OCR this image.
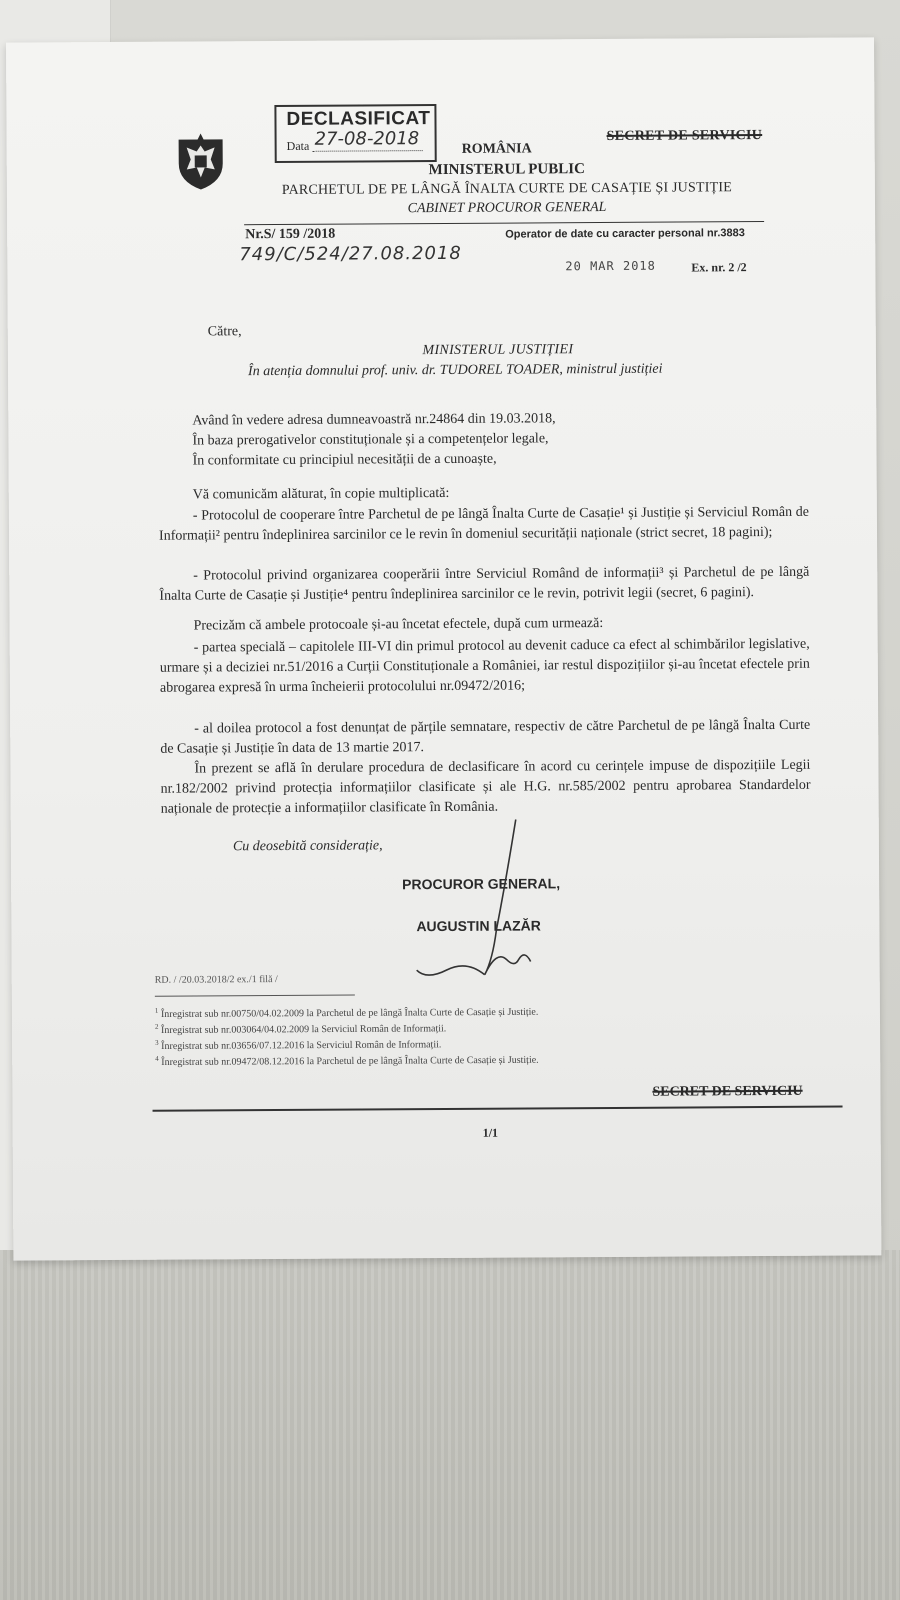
DECLASIFICAT
Data 27-08-2018	SECRET DE SERVICIU
ROMÂNIA
MINISTERUL PUBLIC
PARCHETUL DE PE LÂNGĂ ÎNALTA CURTE DE CASAȚIE ȘI JUSTIȚIE
CABINET PROCUROR GENERAL
Nr.S/ 159 /2018	Operator de date cu caracter personal nr.3883
749/C/524/27.08.2018
20 MAR 2018	Ex. nr. 2 /2
Către,
MINISTERUL JUSTIȚIEI
În atenția domnului prof. univ. dr. TUDOREL TOADER, ministrul justiției
Având în vedere adresa dumneavoastră nr.24864 din 19.03.2018,
În baza prerogativelor constituționale și a competențelor legale,
În conformitate cu principiul necesității de a cunoaște,
Vă comunicăm alăturat, în copie multiplicată:
- Protocolul de cooperare între Parchetul de pe lângă Înalta Curte de Casație¹ și Justiție și Serviciul Român de Informații² pentru îndeplinirea sarcinilor ce le revin în domeniul securității naționale (strict secret, 18 pagini);
- Protocolul privind organizarea cooperării între Serviciul Romând de informații³ și Parchetul de pe lângă Înalta Curte de Casație și Justiție⁴ pentru îndeplinirea sarcinilor ce le revin, potrivit legii (secret, 6 pagini).
Precizăm că ambele protocoale și-au încetat efectele, după cum urmează:
- partea specială – capitolele III-VI din primul protocol au devenit caduce ca efect al schimbărilor legislative, urmare și a deciziei nr.51/2016 a Curții Constituționale a României, iar restul dispozițiilor și-au încetat efectele prin abrogarea expresă în urma încheierii protocolului nr.09472/2016;
- al doilea protocol a fost denunțat de părțile semnatare, respectiv de către Parchetul de pe lângă Înalta Curte de Casație și Justiție în data de 13 martie 2017.
În prezent se află în derulare procedura de declasificare în acord cu cerințele impuse de dispozițiile Legii nr.182/2002 privind protecția informațiilor clasificate și ale H.G. nr.585/2002 pentru aprobarea Standardelor naționale de protecție a informațiilor clasificate în România.
Cu deosebită considerație,
PROCUROR GENERAL,
AUGUSTIN LAZĂR
RD. / /20.03.2018/2 ex./1 filă /
$^1$ Înregistrat sub nr.00750/04.02.2009 la Parchetul de pe lângă Înalta Curte de Casație și Justiție.
$^2$ Înregistrat sub nr.003064/04.02.2009 la Serviciul Român de Informații.
$^3$ Înregistrat sub nr.03656/07.12.2016 la Serviciul Român de Informații.
$^4$ Înregistrat sub nr.09472/08.12.2016 la Parchetul de pe lângă Înalta Curte de Casație și Justiție.
SECRET DE SERVICIU
1/1
